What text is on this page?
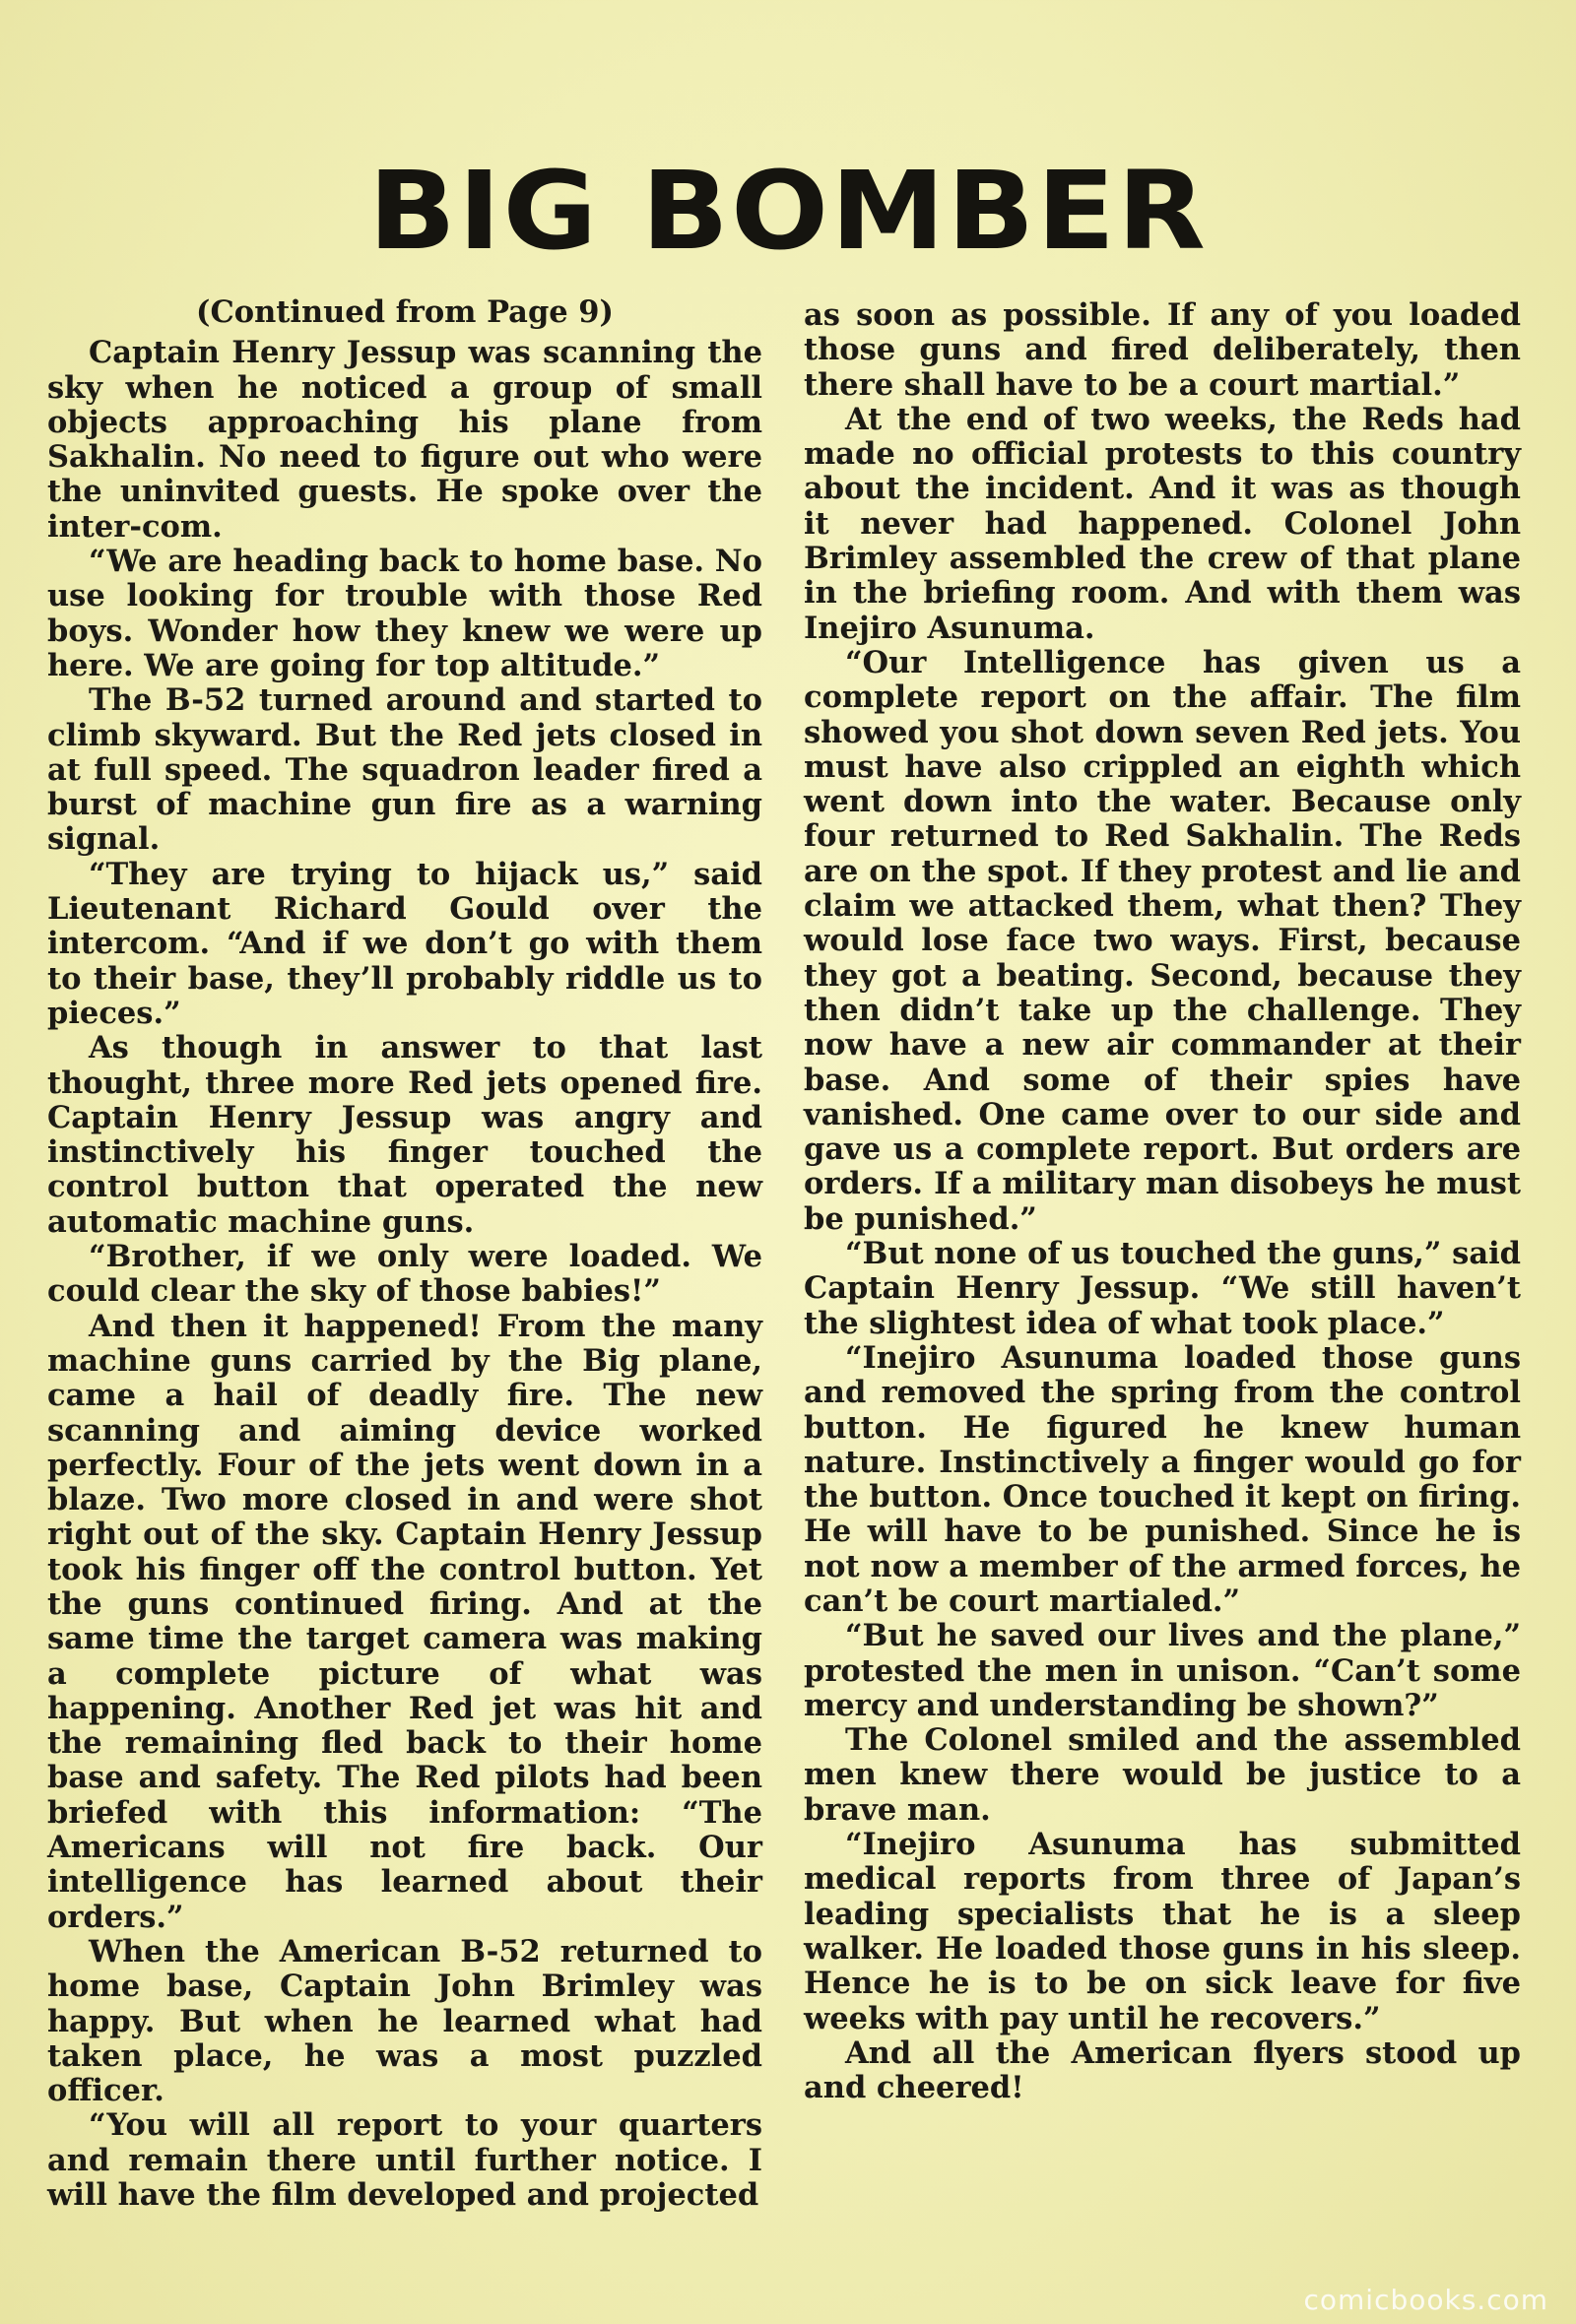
BIG BOMBER

(Continued from Page 9)

Captain Henry Jessup was scanning the sky when he noticed a group of small objects approaching his plane from Sakhalin. No need to figure out who were the uninvited guests. He spoke over the inter-com.

“We are heading back to home base. No use looking for trouble with those Red boys. Wonder how they knew we were up here. We are going for top altitude.”

The B-52 turned around and started to climb skyward. But the Red jets closed in at full speed. The squadron leader fired a burst of machine gun fire as a warning signal.

“They are trying to hijack us,” said Lieutenant Richard Gould over the intercom. “And if we don’t go with them to their base, they’ll probably riddle us to pieces.”

As though in answer to that last thought, three more Red jets opened fire. Captain Henry Jessup was angry and instinctively his finger touched the control button that operated the new automatic machine guns.

“Brother, if we only were loaded. We could clear the sky of those babies!”

And then it happened! From the many machine guns carried by the Big plane, came a hail of deadly fire. The new scanning and aiming device worked perfectly. Four of the jets went down in a blaze. Two more closed in and were shot right out of the sky. Captain Henry Jessup took his finger off the control button. Yet the guns continued firing. And at the same time the target camera was making a complete picture of what was happening. Another Red jet was hit and the remaining fled back to their home base and safety. The Red pilots had been briefed with this information: “The Americans will not fire back. Our intelligence has learned about their orders.”

When the American B-52 returned to home base, Captain John Brimley was happy. But when he learned what had taken place, he was a most puzzled officer.

“You will all report to your quarters and remain there until further notice. I will have the film developed and projected

as soon as possible. If any of you loaded those guns and fired deliberately, then there shall have to be a court martial.”

At the end of two weeks, the Reds had made no official protests to this country about the incident. And it was as though it never had happened. Colonel John Brimley assembled the crew of that plane in the briefing room. And with them was Inejiro Asunuma.

“Our Intelligence has given us a complete report on the affair. The film showed you shot down seven Red jets. You must have also crippled an eighth which went down into the water. Because only four returned to Red Sakhalin. The Reds are on the spot. If they protest and lie and claim we attacked them, what then? They would lose face two ways. First, because they got a beating. Second, because they then didn’t take up the challenge. They now have a new air commander at their base. And some of their spies have vanished. One came over to our side and gave us a complete report. But orders are orders. If a military man disobeys he must be punished.”

“But none of us touched the guns,” said Captain Henry Jessup. “We still haven’t the slightest idea of what took place.”

“Inejiro Asunuma loaded those guns and removed the spring from the control button. He figured he knew human nature. Instinctively a finger would go for the button. Once touched it kept on firing. He will have to be punished. Since he is not now a member of the armed forces, he can’t be court martialed.”

“But he saved our lives and the plane,” protested the men in unison. “Can’t some mercy and understanding be shown?”

The Colonel smiled and the assembled men knew there would be justice to a brave man.

“Inejiro Asunuma has submitted medical reports from three of Japan’s leading specialists that he is a sleep walker. He loaded those guns in his sleep. Hence he is to be on sick leave for five weeks with pay until he recovers.”

And all the American flyers stood up and cheered!

comicbooks.com
